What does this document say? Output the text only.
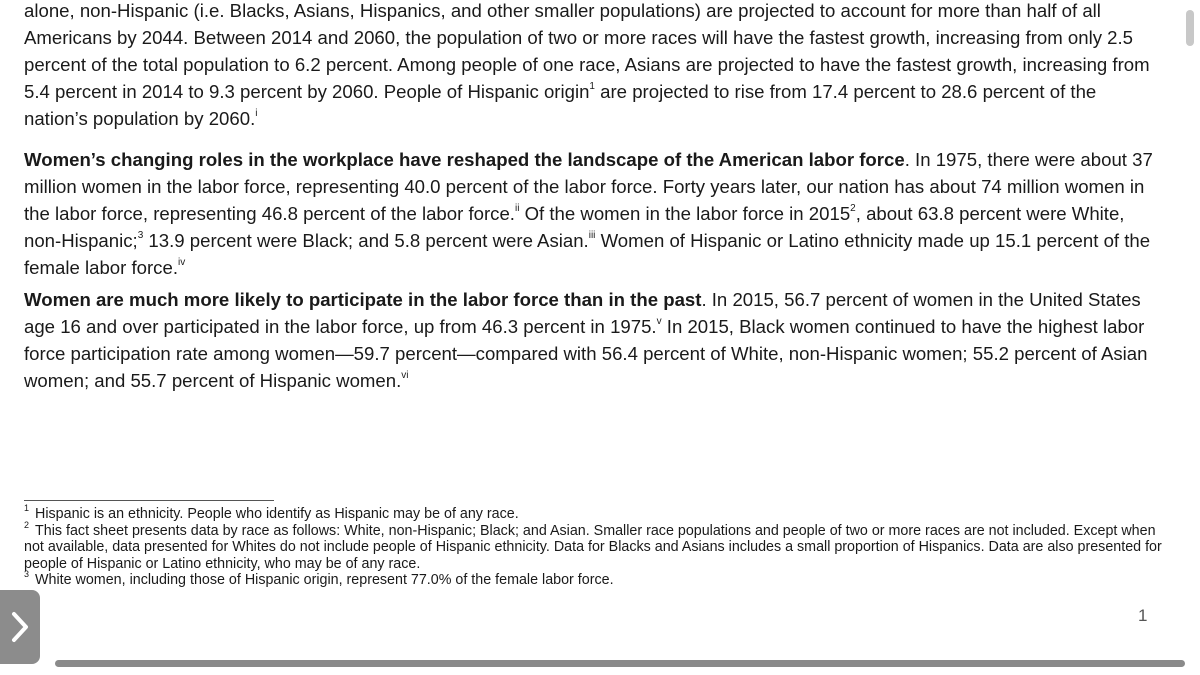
alone, non-Hispanic (i.e. Blacks, Asians, Hispanics, and other smaller populations) are projected to account for more than half of all Americans by 2044. Between 2014 and 2060, the population of two or more races will have the fastest growth, increasing from only 2.5 percent of the total population to 6.2 percent. Among people of one race, Asians are projected to have the fastest growth, increasing from 5.4 percent in 2014 to 9.3 percent by 2060. People of Hispanic origin$^1$ are projected to rise from 17.4 percent to 28.6 percent of the nation’s population by 2060.$^i$

Women’s changing roles in the workplace have reshaped the landscape of the American labor force. In 1975, there were about 37 million women in the labor force, representing 40.0 percent of the labor force. Forty years later, our nation has about 74 million women in the labor force, representing 46.8 percent of the labor force.$^{ii}$ Of the women in the labor force in 2015$^2$, about 63.8 percent were White, non-Hispanic;$^3$ 13.9 percent were Black; and 5.8 percent were Asian.$^{iii}$ Women of Hispanic or Latino ethnicity made up 15.1 percent of the female labor force.$^{iv}$

Women are much more likely to participate in the labor force than in the past. In 2015, 56.7 percent of women in the United States age 16 and over participated in the labor force, up from 46.3 percent in 1975.$^v$ In 2015, Black women continued to have the highest labor force participation rate among women—59.7 percent—compared with 56.4 percent of White, non-Hispanic women; 55.2 percent of Asian women; and 55.7 percent of Hispanic women.$^{vi}$

$^1$ Hispanic is an ethnicity. People who identify as Hispanic may be of any race.

$^2$ This fact sheet presents data by race as follows: White, non-Hispanic; Black; and Asian. Smaller race populations and people of two or more races are not included. Except when not available, data presented for Whites do not include people of Hispanic ethnicity. Data for Blacks and Asians includes a small proportion of Hispanics. Data are also presented for people of Hispanic or Latino ethnicity, who may be of any race.

$^3$ White women, including those of Hispanic origin, represent 77.0% of the female labor force.

1
